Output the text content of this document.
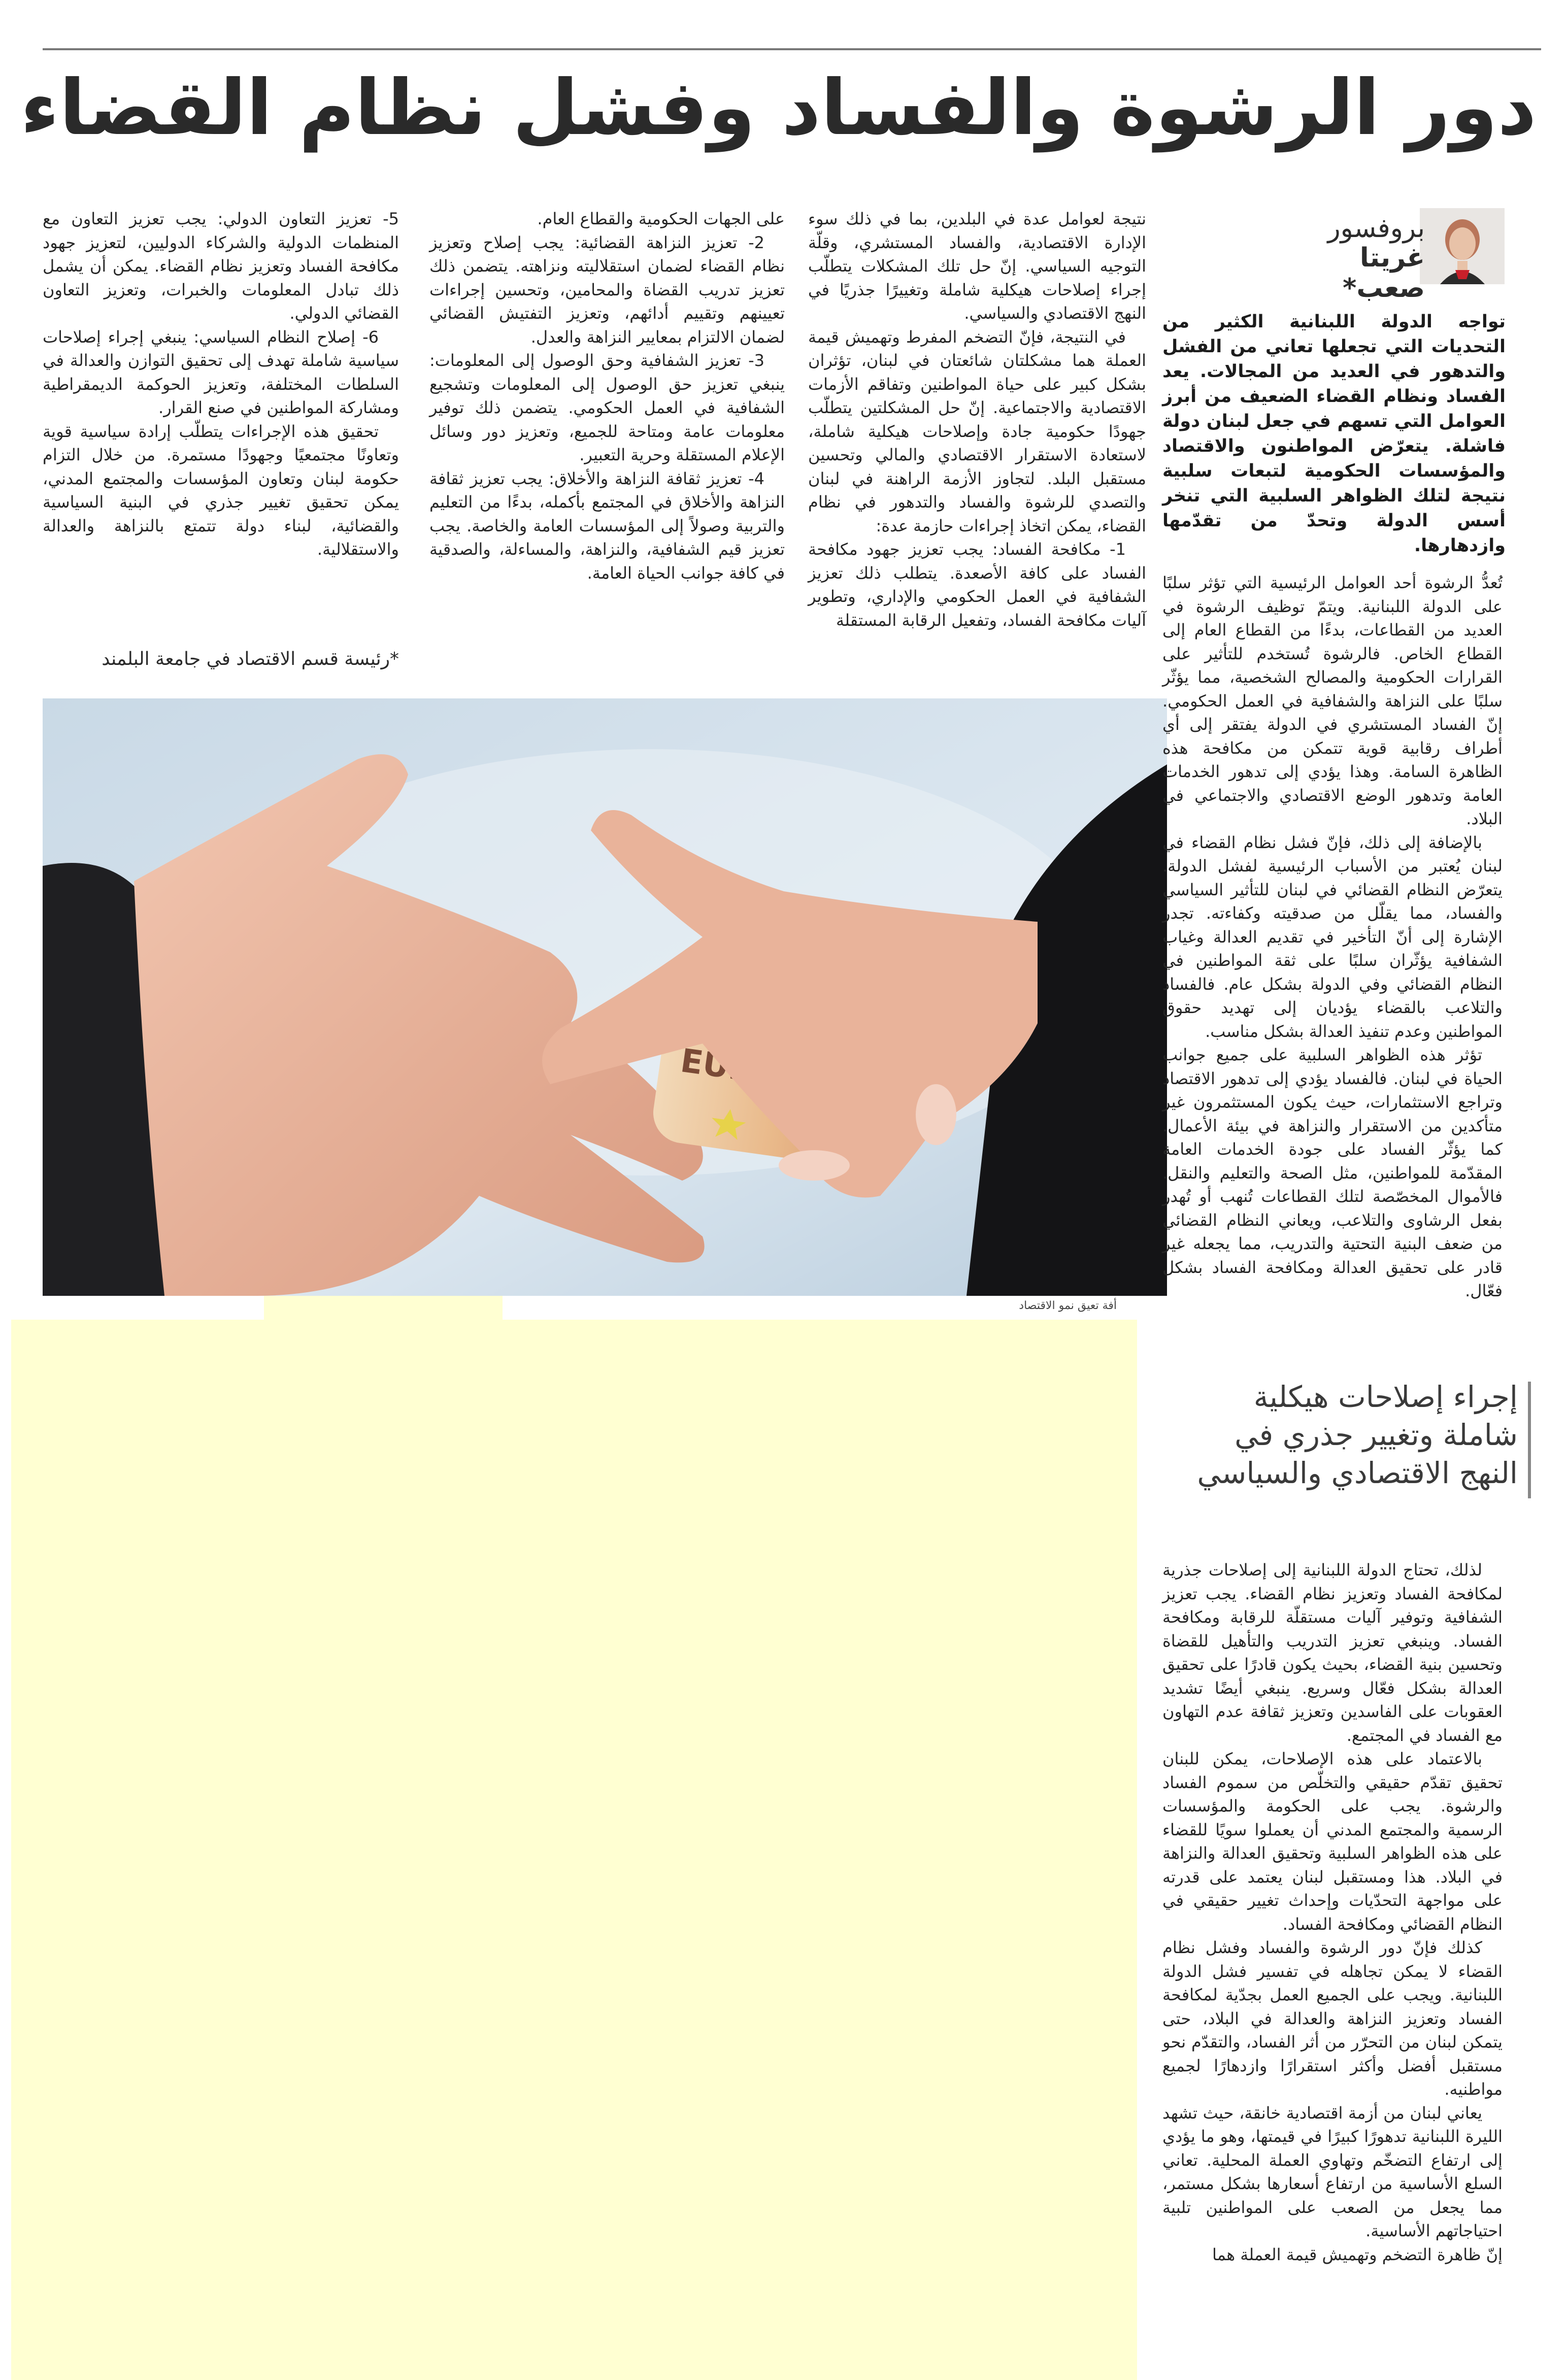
دور الرشوة والفساد وفشل نظام القضاء
بروفسور
غريتا صعب*
تواجه الدولة اللبنانية الكثير من التحديات التي تجعلها تعاني من الفشل والتدهور في العديد من المجالات. يعد الفساد ونظام القضاء الضعيف من أبرز العوامل التي تسهم في جعل لبنان دولة فاشلة. يتعرّض المواطنون والاقتصاد والمؤسسات الحكومية لتبعات سلبية نتيجة لتلك الظواهر السلبية التي تنخر أسس الدولة وتحدّ من تقدّمها وازدهارها.

نتيجة لعوامل عدة في البلدين، بما في ذلك سوء الإدارة الاقتصادية، والفساد المستشري، وقلّة التوجيه السياسي. إنّ حل تلك المشكلات يتطلّب إجراء إصلاحات هيكلية شاملة وتغييرًا جذريًا في النهج الاقتصادي والسياسي.

في النتيجة، فإنّ التضخم المفرط وتهميش قيمة العملة هما مشكلتان شائعتان في لبنان، تؤثران بشكل كبير على حياة المواطنين وتفاقم الأزمات الاقتصادية والاجتماعية. إنّ حل المشكلتين يتطلّب جهودًا حكومية جادة وإصلاحات هيكلية شاملة، لاستعادة الاستقرار الاقتصادي والمالي وتحسين مستقبل البلد. لتجاوز الأزمة الراهنة في لبنان والتصدي للرشوة والفساد والتدهور في نظام القضاء، يمكن اتخاذ إجراءات حازمة عدة:

1- مكافحة الفساد: يجب تعزيز جهود مكافحة الفساد على كافة الأصعدة. يتطلب ذلك تعزيز الشفافية في العمل الحكومي والإداري، وتطوير آليات مكافحة الفساد، وتفعيل الرقابة المستقلة

على الجهات الحكومية والقطاع العام.

2- تعزيز النزاهة القضائية: يجب إصلاح وتعزيز نظام القضاء لضمان استقلاليته ونزاهته. يتضمن ذلك تعزيز تدريب القضاة والمحامين، وتحسين إجراءات تعيينهم وتقييم أدائهم، وتعزيز التفتيش القضائي لضمان الالتزام بمعايير النزاهة والعدل.

3- تعزيز الشفافية وحق الوصول إلى المعلومات: ينبغي تعزيز حق الوصول إلى المعلومات وتشجيع الشفافية في العمل الحكومي. يتضمن ذلك توفير معلومات عامة ومتاحة للجميع، وتعزيز دور وسائل الإعلام المستقلة وحرية التعبير.

4- تعزيز ثقافة النزاهة والأخلاق: يجب تعزيز ثقافة النزاهة والأخلاق في المجتمع بأكمله، بدءًا من التعليم والتربية وصولاً إلى المؤسسات العامة والخاصة. يجب تعزيز قيم الشفافية، والنزاهة، والمساءلة، والصدقية في كافة جوانب الحياة العامة.

5- تعزيز التعاون الدولي: يجب تعزيز التعاون مع المنظمات الدولية والشركاء الدوليين، لتعزيز جهود مكافحة الفساد وتعزيز نظام القضاء. يمكن أن يشمل ذلك تبادل المعلومات والخبرات، وتعزيز التعاون القضائي الدولي.

6- إصلاح النظام السياسي: ينبغي إجراء إصلاحات سياسية شاملة تهدف إلى تحقيق التوازن والعدالة في السلطات المختلفة، وتعزيز الحوكمة الديمقراطية ومشاركة المواطنين في صنع القرار.

تحقيق هذه الإجراءات يتطلّب إرادة سياسية قوية وتعاونًا مجتمعيًا وجهودًا مستمرة. من خلال التزام حكومة لبنان وتعاون المؤسسات والمجتمع المدني، يمكن تحقيق تغيير جذري في البنية السياسية والقضائية، لبناء دولة تتمتع بالنزاهة والعدالة والاستقلالية.

*رئيسة قسم الاقتصاد في جامعة البلمند
أفة تعيق نمو الاقتصاد

تُعدُّ الرشوة أحد العوامل الرئيسية التي تؤثر سلبًا على الدولة اللبنانية. ويتمّ توظيف الرشوة في العديد من القطاعات، بدءًا من القطاع العام إلى القطاع الخاص. فالرشوة تُستخدم للتأثير على القرارات الحكومية والمصالح الشخصية، مما يؤثّر سلبًا على النزاهة والشفافية في العمل الحكومي. إنّ الفساد المستشري في الدولة يفتقر إلى أي أطراف رقابية قوية تتمكن من مكافحة هذه الظاهرة السامة. وهذا يؤدي إلى تدهور الخدمات العامة وتدهور الوضع الاقتصادي والاجتماعي في البلاد.

بالإضافة إلى ذلك، فإنّ فشل نظام القضاء في لبنان يُعتبر من الأسباب الرئيسية لفشل الدولة. يتعرّض النظام القضائي في لبنان للتأثير السياسي والفساد، مما يقلّل من صدقيته وكفاءته. تجدر الإشارة إلى أنّ التأخير في تقديم العدالة وغياب الشفافية يؤثّران سلبًا على ثقة المواطنين في النظام القضائي وفي الدولة بشكل عام. فالفساد والتلاعب بالقضاء يؤديان إلى تهديد حقوق المواطنين وعدم تنفيذ العدالة بشكل مناسب.

تؤثر هذه الظواهر السلبية على جميع جوانب الحياة في لبنان. فالفساد يؤدي إلى تدهور الاقتصاد وتراجع الاستثمارات، حيث يكون المستثمرون غير متأكدين من الاستقرار والنزاهة في بيئة الأعمال. كما يؤثّر الفساد على جودة الخدمات العامة المقدّمة للمواطنين، مثل الصحة والتعليم والنقل. فالأموال المخصّصة لتلك القطاعات تُنهب أو تُهدر بفعل الرشاوى والتلاعب، ويعاني النظام القضائي من ضعف البنية التحتية والتدريب، مما يجعله غير قادر على تحقيق العدالة ومكافحة الفساد بشكل فعّال.

إجراء إصلاحات هيكلية شاملة وتغيير جذري في النهج الاقتصادي والسياسي

لذلك، تحتاج الدولة اللبنانية إلى إصلاحات جذرية لمكافحة الفساد وتعزيز نظام القضاء. يجب تعزيز الشفافية وتوفير آليات مستقلّة للرقابة ومكافحة الفساد. وينبغي تعزيز التدريب والتأهيل للقضاة وتحسين بنية القضاء، بحيث يكون قادرًا على تحقيق العدالة بشكل فعّال وسريع. ينبغي أيضًا تشديد العقوبات على الفاسدين وتعزيز ثقافة عدم التهاون مع الفساد في المجتمع.

بالاعتماد على هذه الإصلاحات، يمكن للبنان تحقيق تقدّم حقيقي والتخلّص من سموم الفساد والرشوة. يجب على الحكومة والمؤسسات الرسمية والمجتمع المدني أن يعملوا سويًا للقضاء على هذه الظواهر السلبية وتحقيق العدالة والنزاهة في البلاد. هذا ومستقبل لبنان يعتمد على قدرته على مواجهة التحدّيات وإحداث تغيير حقيقي في النظام القضائي ومكافحة الفساد.

كذلك فإنّ دور الرشوة والفساد وفشل نظام القضاء لا يمكن تجاهله في تفسير فشل الدولة اللبنانية. ويجب على الجميع العمل بجدّية لمكافحة الفساد وتعزيز النزاهة والعدالة في البلاد، حتى يتمكن لبنان من التحرّر من أثر الفساد، والتقدّم نحو مستقبل أفضل وأكثر استقرارًا وازدهارًا لجميع مواطنيه.

يعاني لبنان من أزمة اقتصادية خانقة، حيث تشهد الليرة اللبنانية تدهورًا كبيرًا في قيمتها، وهو ما يؤدي إلى ارتفاع التضخّم وتهاوي العملة المحلية. تعاني السلع الأساسية من ارتفاع أسعارها بشكل مستمر، مما يجعل من الصعب على المواطنين تلبية احتياجاتهم الأساسية.

إنّ ظاهرة التضخم وتهميش قيمة العملة هما
